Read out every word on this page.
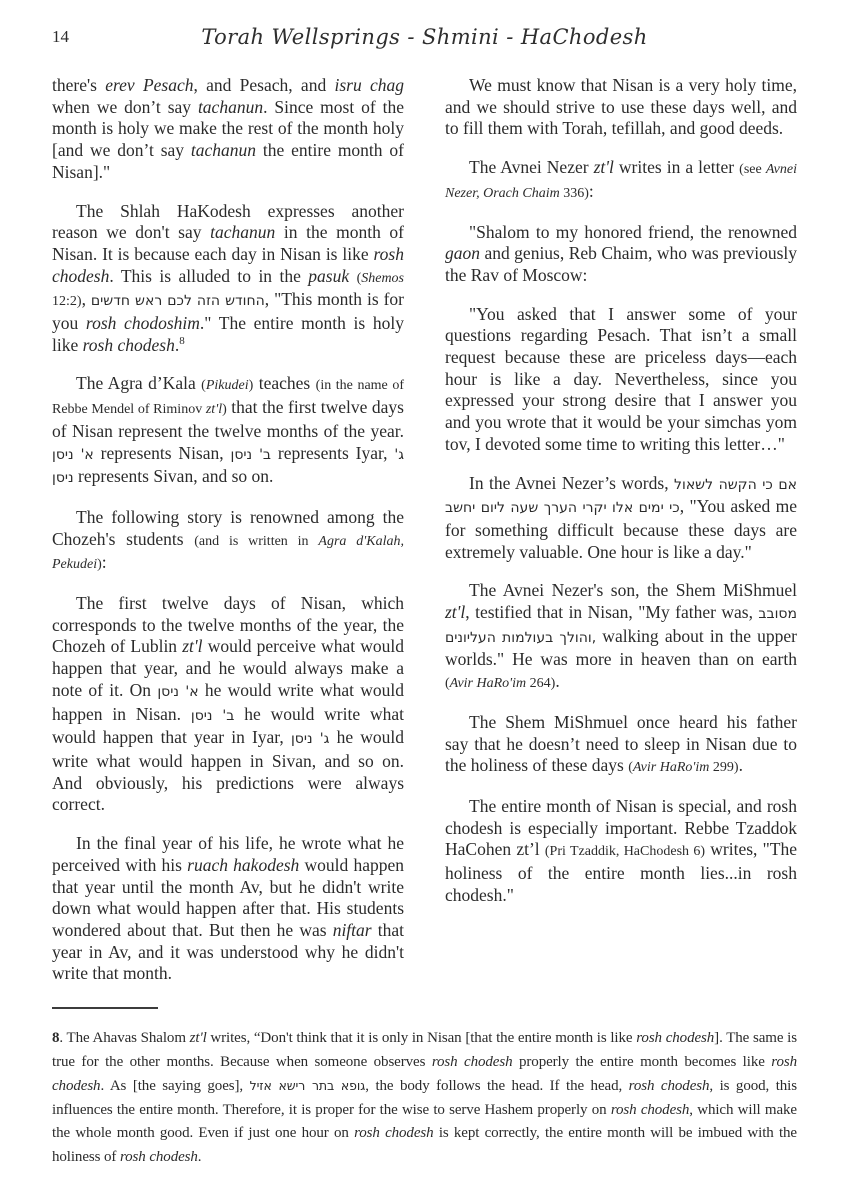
14	Torah Wellsprings - Shmini - HaChodesh

there's erev Pesach, and Pesach, and isru chag when we don’t say tachanun. Since most of the month is holy we make the rest of the month holy [and we don’t say tachanun the entire month of Nisan]."

The Shlah HaKodesh expresses another reason we don't say tachanun in the month of Nisan. It is because each day in Nisan is like rosh chodesh. This is alluded to in the pasuk (Shemos 12:2), החודש הזה לכם ראש חדשים, "This month is for you rosh chodoshim." The entire month is holy like rosh chodesh.$^8$

The Agra d’Kala (Pikudei) teaches (in the name of Rebbe Mendel of Riminov zt'l) that the first twelve days of Nisan represent the twelve months of the year. א' ניסן represents Nisan, ב' ניסן represents Iyar, ג' ניסן represents Sivan, and so on.

The following story is renowned among the Chozeh's students (and is written in Agra d'Kalah, Pekudei):

The first twelve days of Nisan, which corresponds to the twelve months of the year, the Chozeh of Lublin zt'l would perceive what would happen that year, and he would always make a note of it. On א' ניסן he would write what would happen in Nisan. ב' ניסן he would write what would happen that year in Iyar, ג' ניסן he would write what would happen in Sivan, and so on. And obviously, his predictions were always correct.

In the final year of his life, he wrote what he perceived with his ruach hakodesh would happen that year until the month Av, but he didn't write down what would happen after that. His students wondered about that. But then he was niftar that year in Av, and it was understood why he didn't write that month.

We must know that Nisan is a very holy time, and we should strive to use these days well, and to fill them with Torah, tefillah, and good deeds.

The Avnei Nezer zt'l writes in a letter (see Avnei Nezer, Orach Chaim 336):

"Shalom to my honored friend, the renowned gaon and genius, Reb Chaim, who was previously the Rav of Moscow:

"You asked that I answer some of your questions regarding Pesach. That isn’t a small request because these are priceless days—each hour is like a day. Nevertheless, since you expressed your strong desire that I answer you and you wrote that it would be your simchas yom tov, I devoted some time to writing this letter…"

In the Avnei Nezer’s words, אם כי הקשה לשאול כי ימים אלו יקרי הערך שעה ליום יחשב, "You asked me for something difficult because these days are extremely valuable. One hour is like a day."

The Avnei Nezer's son, the Shem MiShmuel zt'l, testified that in Nisan, "My father was, מסובב והולך בעולמות העליונים, walking about in the upper worlds." He was more in heaven than on earth (Avir HaRo'im 264).

The Shem MiShmuel once heard his father say that he doesn’t need to sleep in Nisan due to the holiness of these days (Avir HaRo'im 299).

The entire month of Nisan is special, and rosh chodesh is especially important. Rebbe Tzaddok HaCohen zt’l (Pri Tzaddik, HaChodesh 6) writes, "The holiness of the entire month lies...in rosh chodesh."

8. The Ahavas Shalom zt'l writes, “Don't think that it is only in Nisan [that the entire month is like rosh chodesh]. The same is true for the other months. Because when someone observes rosh chodesh properly the entire month becomes like rosh chodesh. As [the saying goes], גופא בתר רישא אזיל, the body follows the head. If the head, rosh chodesh, is good, this influences the entire month. Therefore, it is proper for the wise to serve Hashem properly on rosh chodesh, which will make the whole month good. Even if just one hour on rosh chodesh is kept correctly, the entire month will be imbued with the holiness of rosh chodesh.
